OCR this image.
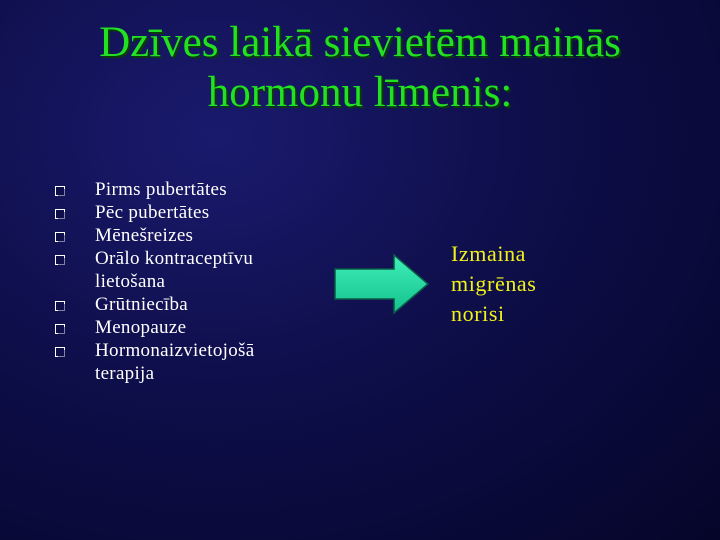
Dzīves laikā sievietēm mainās
hormonu līmenis:
Pirms pubertātes
Pēc pubertātes
Mēnešreizes
Orālo kontraceptīvu
lietošana
Grūtniecība
Menopauze
Hormonaizvietojošā
terapija
Izmaina
migrēnas
norisi
